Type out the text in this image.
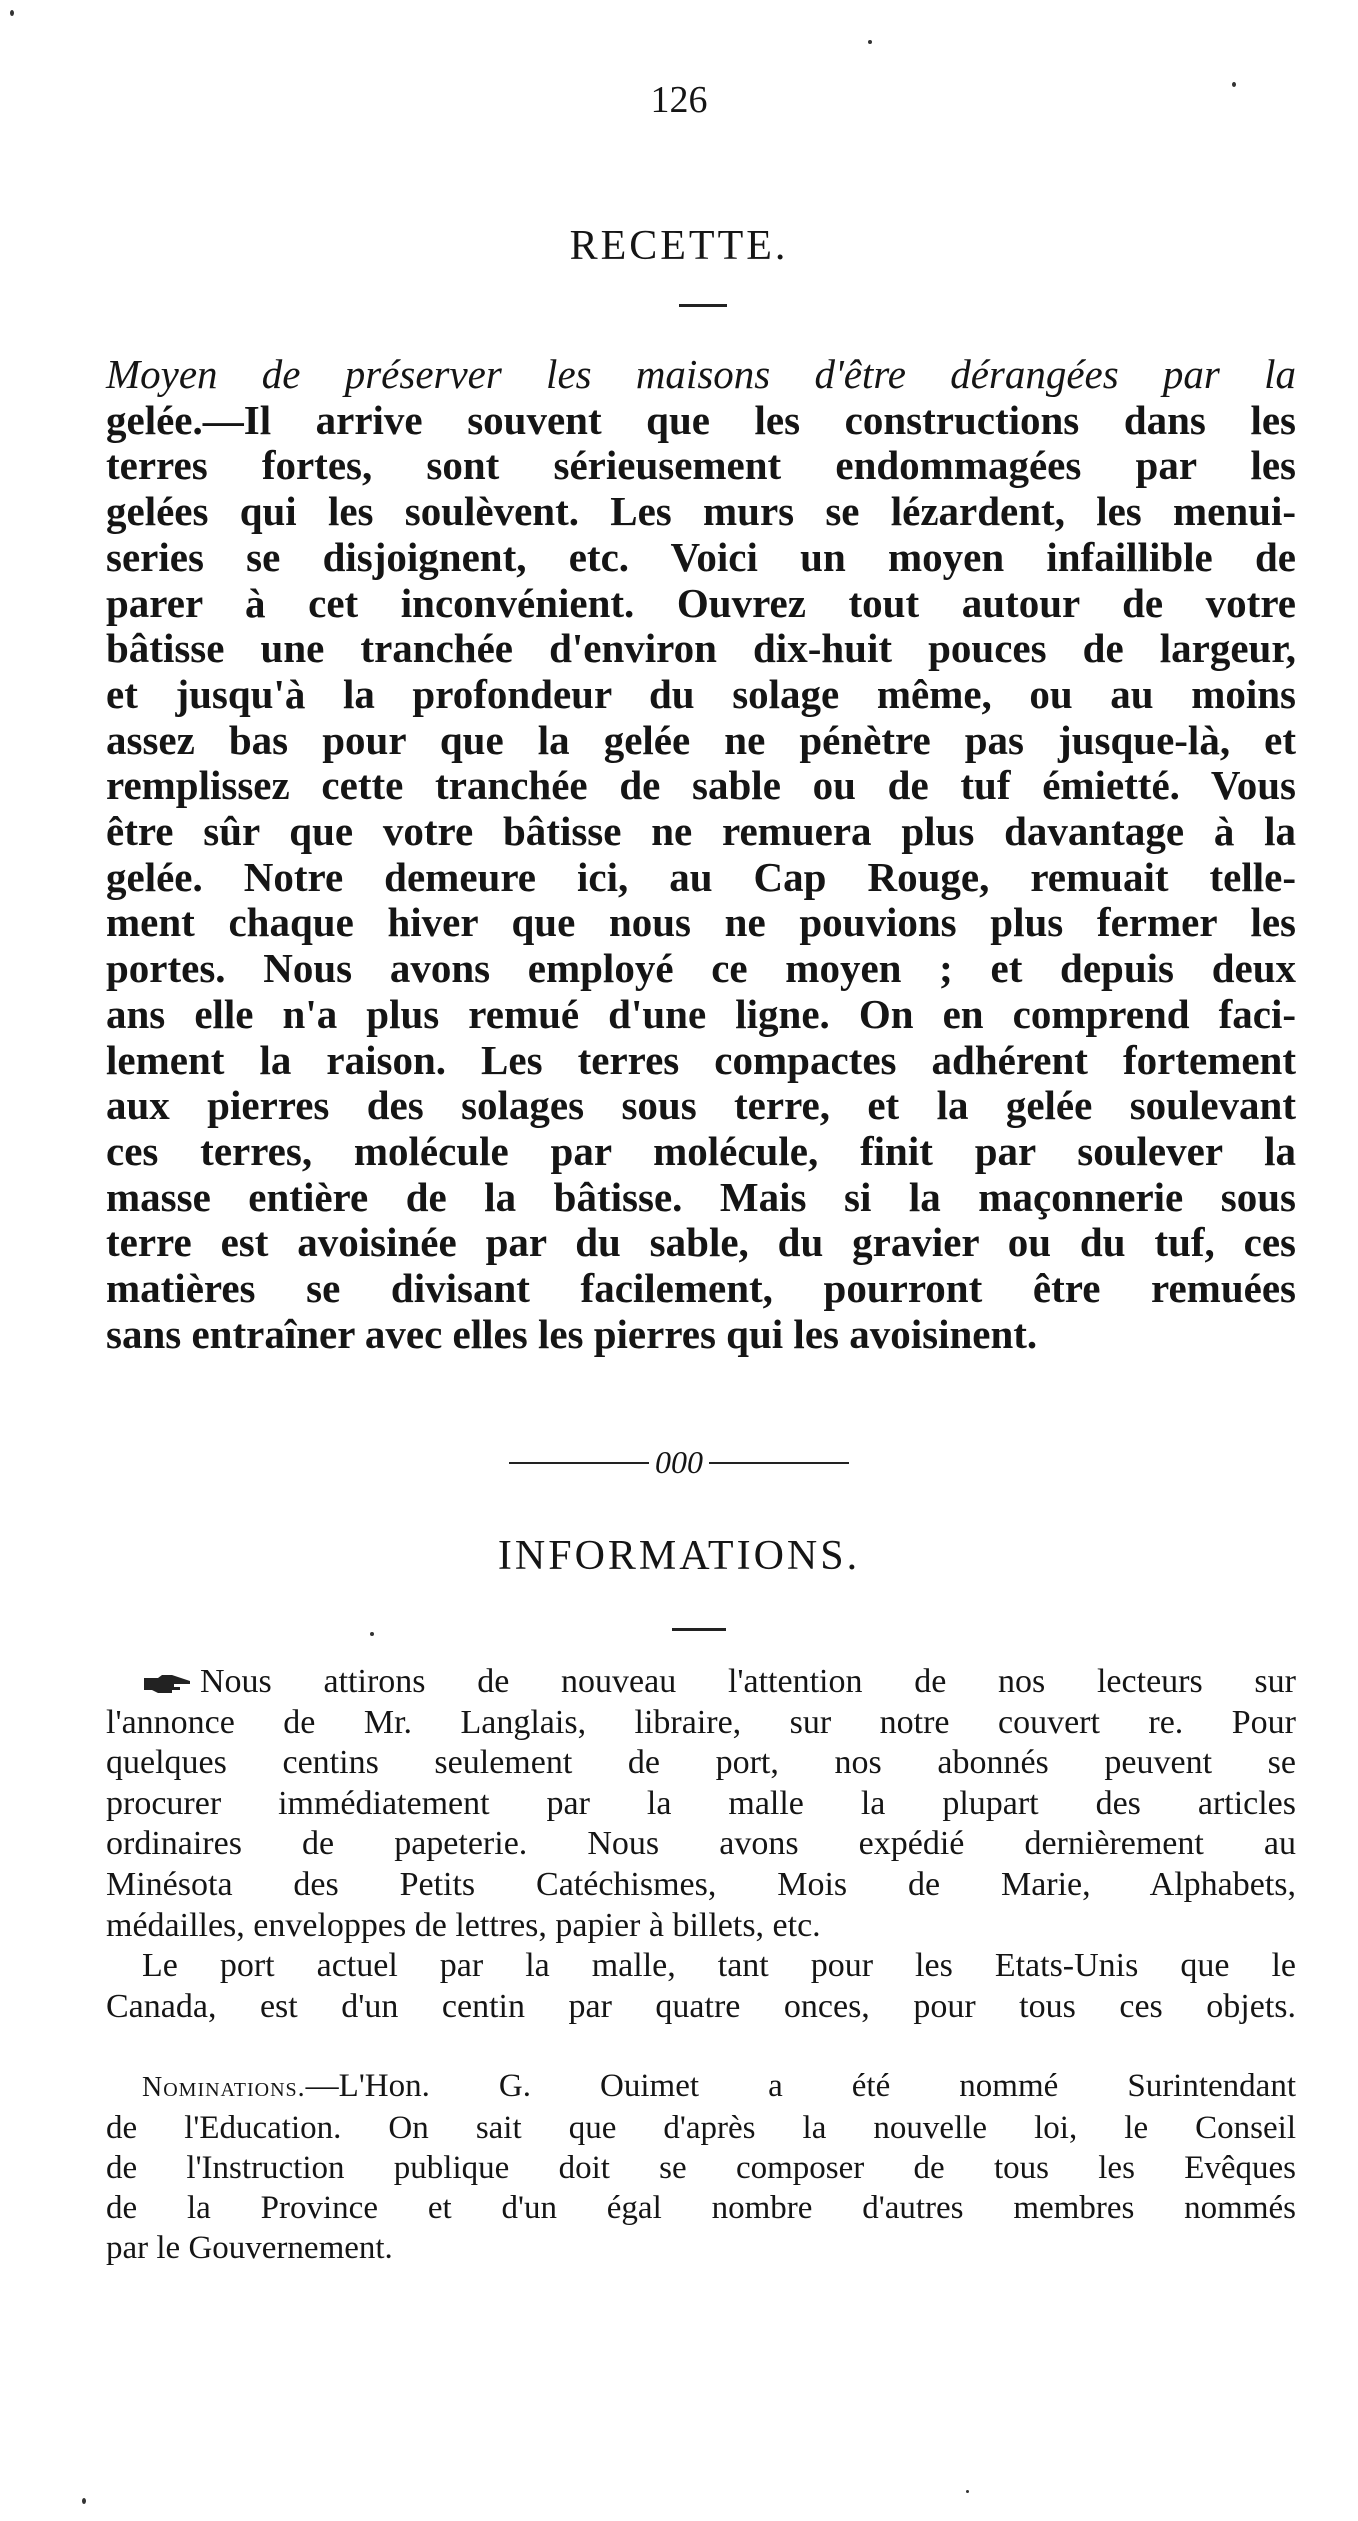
126
RECETTE.
Moyen de préserver les maisons d'être dérangées par la
gelée.—Il arrive souvent que les constructions dans les
terres fortes, sont sérieusement endommagées par les
gelées qui les soulèvent. Les murs se lézardent, les menui-
series se disjoignent, etc. Voici un moyen infaillible de
parer à cet inconvénient. Ouvrez tout autour de votre
bâtisse une tranchée d'environ dix-huit pouces de largeur,
et jusqu'à la profondeur du solage même, ou au moins
assez bas pour que la gelée ne pénètre pas jusque-là, et
remplissez cette tranchée de sable ou de tuf émietté. Vous
être sûr que votre bâtisse ne remuera plus davantage à la
gelée. Notre demeure ici, au Cap Rouge, remuait telle-
ment chaque hiver que nous ne pouvions plus fermer les
portes. Nous avons employé ce moyen ; et depuis deux
ans elle n'a plus remué d'une ligne. On en comprend faci-
lement la raison. Les terres compactes adhérent fortement
aux pierres des solages sous terre, et la gelée soulevant
ces terres, molécule par molécule, finit par soulever la
masse entière de la bâtisse. Mais si la maçonnerie sous
terre est avoisinée par du sable, du gravier ou du tuf, ces
matières se divisant facilement, pourront être remuées
sans entraîner avec elles les pierres qui les avoisinent.
000
INFORMATIONS.
Nous attirons de nouveau l'attention de nos lecteurs sur
l'annonce de Mr. Langlais, libraire, sur notre couvert re. Pour
quelques centins seulement de port, nos abonnés peuvent se
procurer immédiatement par la malle la plupart des articles
ordinaires de papeterie. Nous avons expédié dernièrement au
Minésota des Petits Catéchismes, Mois de Marie, Alphabets,
médailles, enveloppes de lettres, papier à billets, etc.
Le port actuel par la malle, tant pour les Etats-Unis que le
Canada, est d'un centin par quatre onces, pour tous ces objets.
Nominations.—L'Hon. G. Ouimet a été nommé Surintendant
de l'Education. On sait que d'après la nouvelle loi, le Conseil
de l'Instruction publique doit se composer de tous les Evêques
de la Province et d'un égal nombre d'autres membres nommés
par le Gouvernement.
